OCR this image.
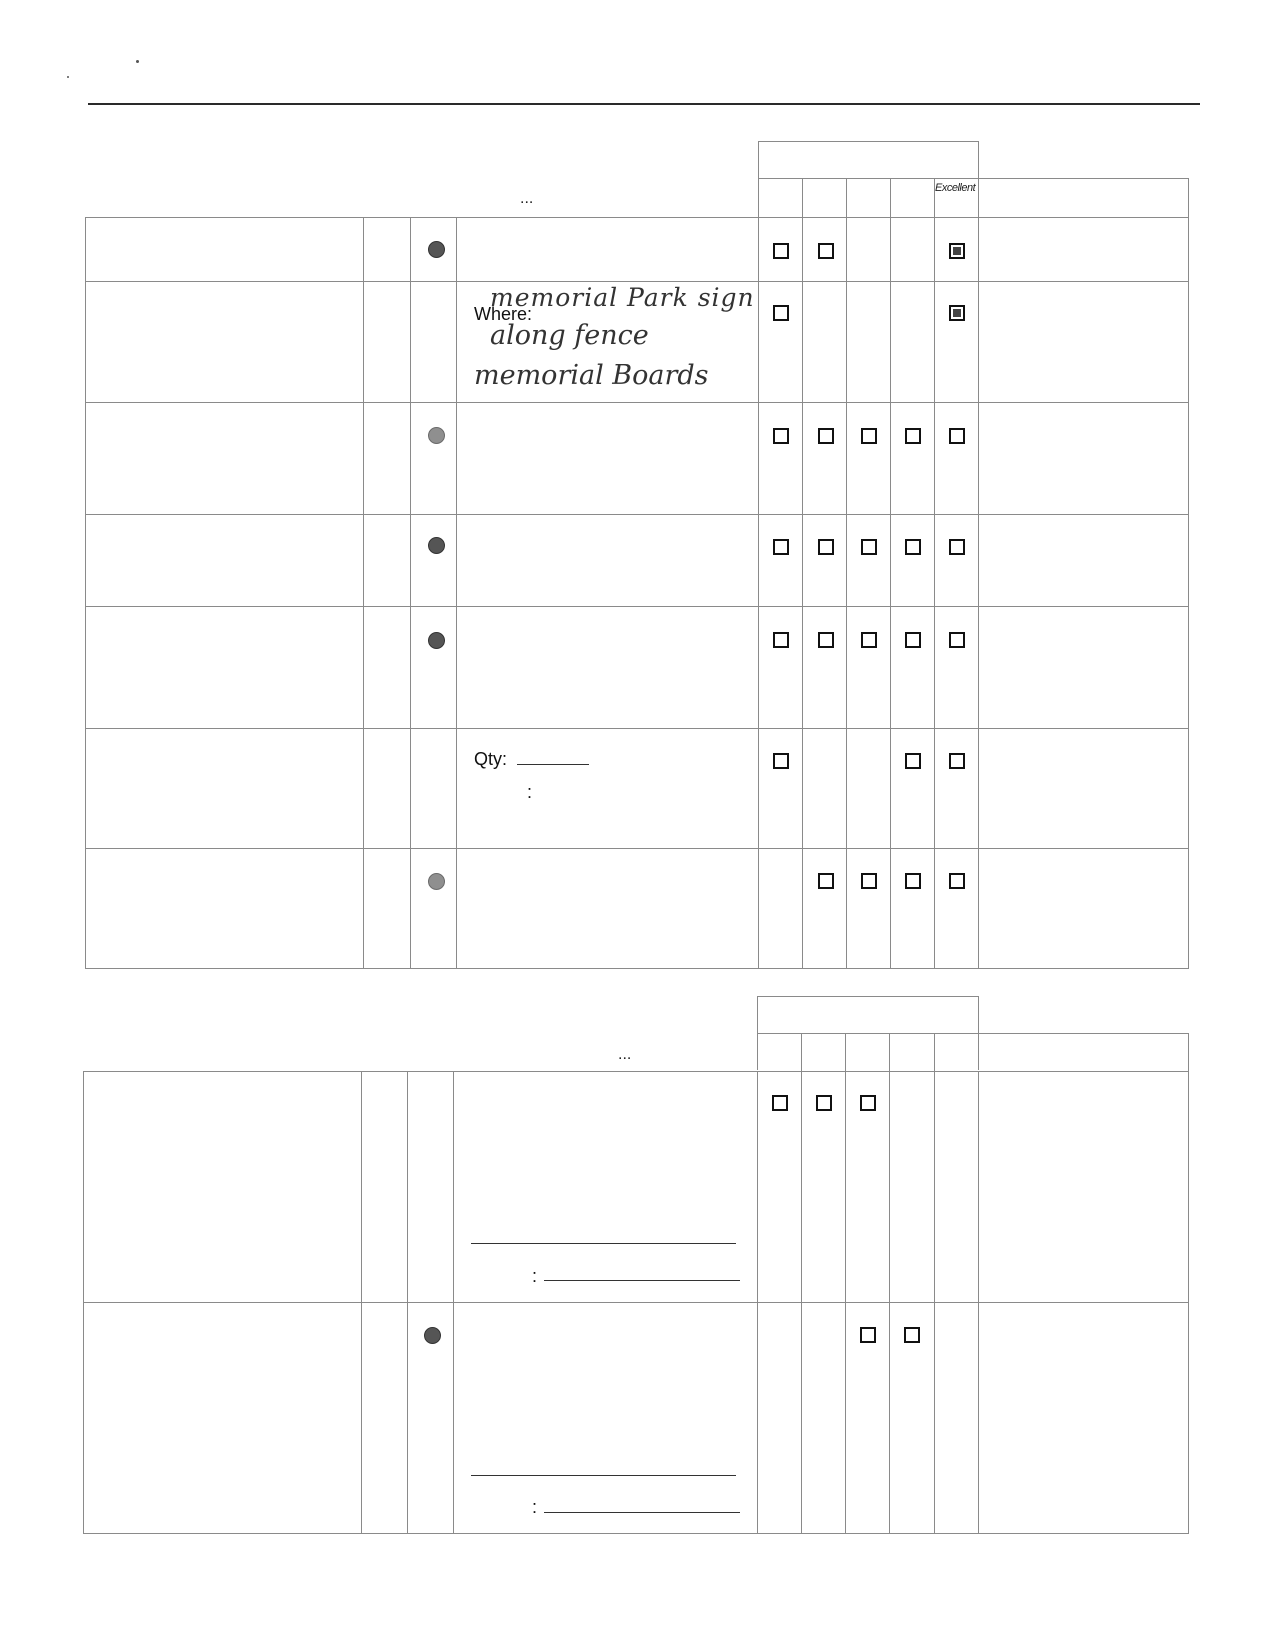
Excellent
...
memorial Park sign
Where:
along fence
memorial Boards
Qty:
:
...
:
:
